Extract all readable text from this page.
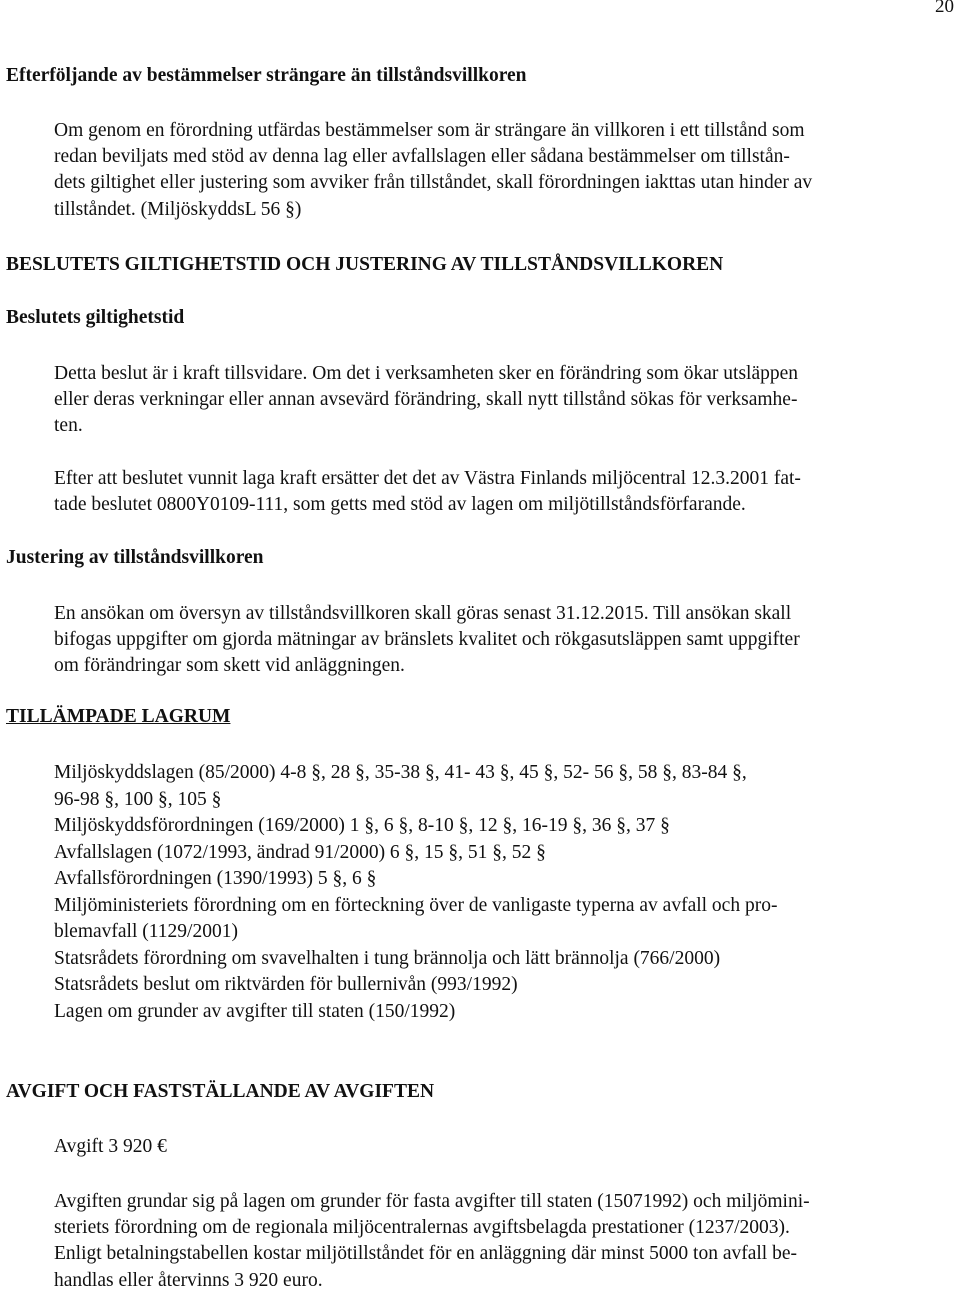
20
Efterföljande av bestämmelser strängare än tillståndsvillkoren
Om genom en förordning utfärdas bestämmelser som är strängare än villkoren i ett tillstånd som
redan beviljats med stöd av denna lag eller avfallslagen eller sådana bestämmelser om tillstån-
dets giltighet eller justering som avviker från tillståndet, skall förordningen iakttas utan hinder av
tillståndet. (MiljöskyddsL 56 §)
BESLUTETS GILTIGHETSTID OCH JUSTERING AV TILLSTÅNDSVILLKOREN
Beslutets giltighetstid
Detta beslut är i kraft tillsvidare. Om det i verksamheten sker en förändring som ökar utsläppen
eller deras verkningar eller annan avsevärd förändring, skall nytt tillstånd sökas för verksamhe-
ten.
Efter att beslutet vunnit laga kraft ersätter det det av Västra Finlands miljöcentral 12.3.2001 fat-
tade beslutet 0800Y0109-111, som getts med stöd av lagen om miljötillståndsförfarande.
Justering av tillståndsvillkoren
En ansökan om översyn av tillståndsvillkoren skall göras senast 31.12.2015. Till ansökan skall
bifogas uppgifter om gjorda mätningar av bränslets kvalitet och rökgasutsläppen samt uppgifter
om förändringar som skett vid anläggningen.
TILLÄMPADE LAGRUM
Miljöskyddslagen (85/2000) 4-8 §, 28 §, 35-38 §, 41- 43 §, 45 §, 52- 56 §, 58 §, 83-84 §,
96-98 §, 100 §, 105 §
Miljöskyddsförordningen (169/2000) 1 §, 6 §, 8-10 §, 12 §, 16-19 §, 36 §, 37 §
Avfallslagen (1072/1993, ändrad 91/2000) 6 §, 15 §, 51 §, 52 §
Avfallsförordningen (1390/1993) 5 §, 6 §
Miljöministeriets förordning om en förteckning över de vanligaste typerna av avfall och pro-
blemavfall (1129/2001)
Statsrådets förordning om svavelhalten i tung brännolja och lätt brännolja (766/2000)
Statsrådets beslut om riktvärden för bullernivån (993/1992)
Lagen om grunder av avgifter till staten (150/1992)
AVGIFT OCH FASTSTÄLLANDE AV AVGIFTEN
Avgift 3 920 €
Avgiften grundar sig på lagen om grunder för fasta avgifter till staten (15071992) och miljömini-
steriets förordning om de regionala miljöcentralernas avgiftsbelagda prestationer (1237/2003).
Enligt betalningstabellen kostar miljötillståndet för en anläggning där minst 5000 ton avfall be-
handlas eller återvinns 3 920 euro.
